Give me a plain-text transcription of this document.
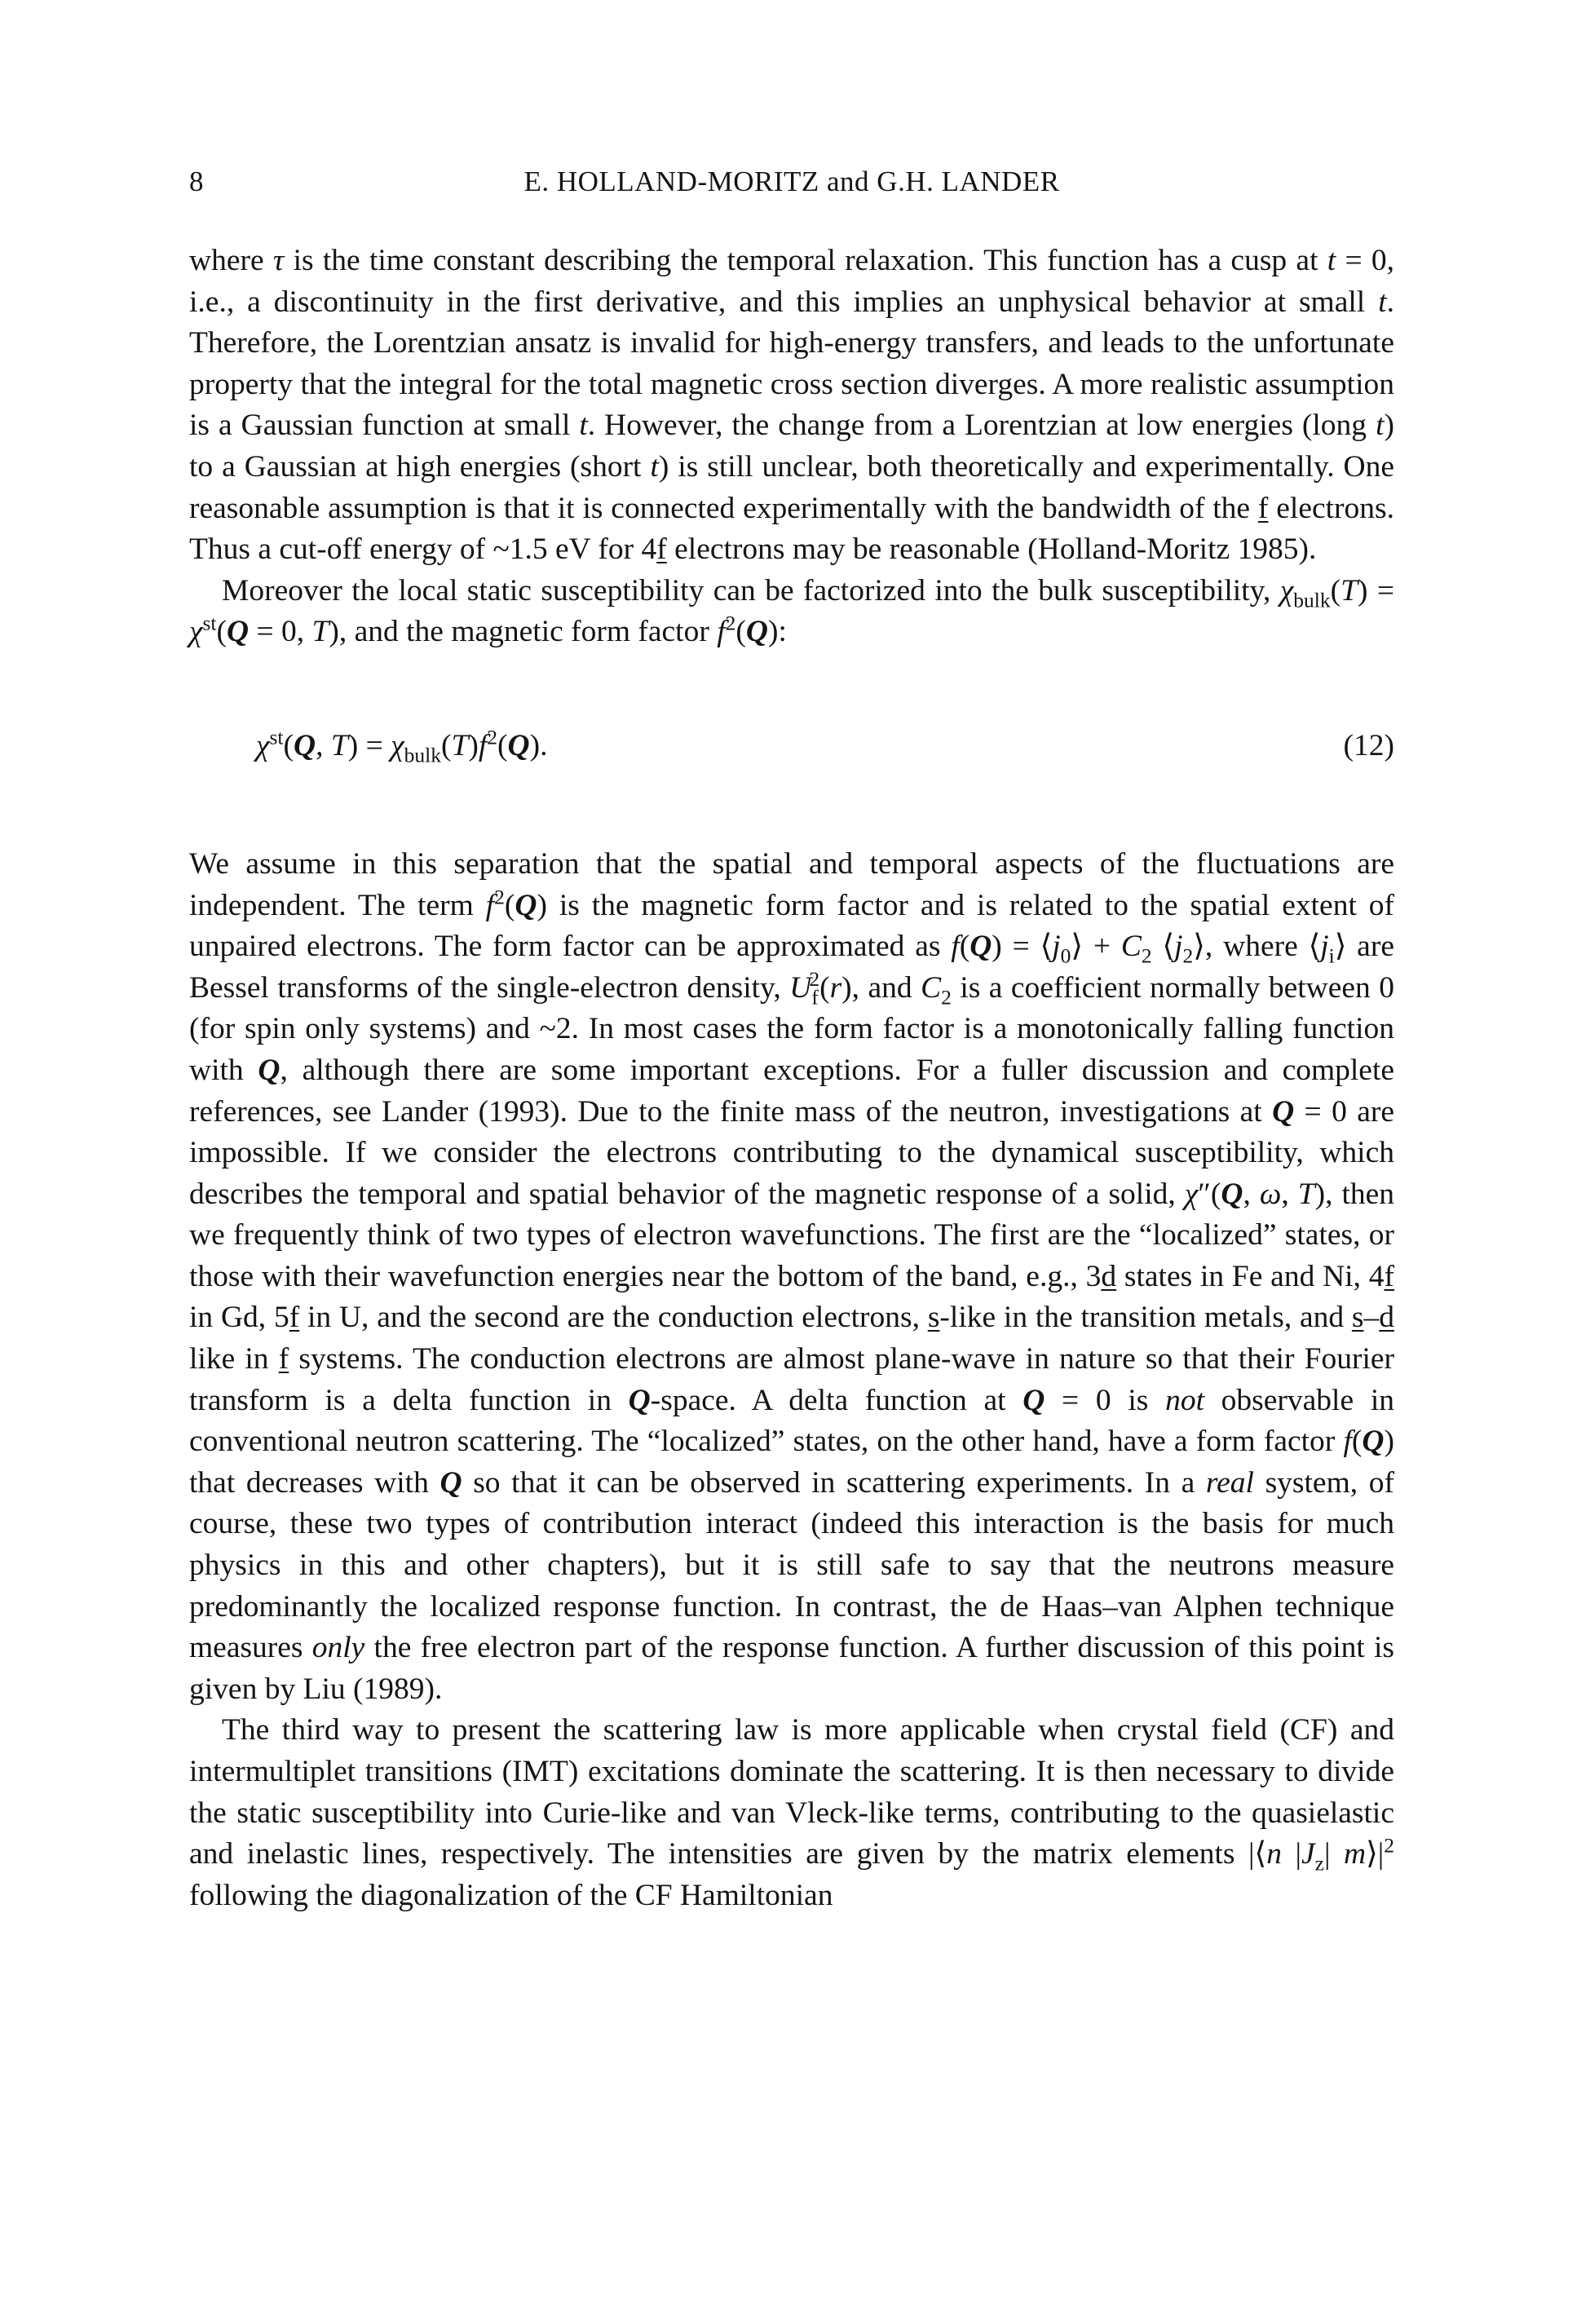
8	E. HOLLAND-MORITZ and G.H. LANDER

where τ is the time constant describing the temporal relaxation. This function has a cusp at t = 0, i.e., a discontinuity in the first derivative, and this implies an unphysical behavior at small t. Therefore, the Lorentzian ansatz is invalid for high-energy transfers, and leads to the unfortunate property that the integral for the total magnetic cross section diverges. A more realistic assumption is a Gaussian function at small t. However, the change from a Lorentzian at low energies (long t) to a Gaussian at high energies (short t) is still unclear, both theoretically and experimentally. One reasonable assumption is that it is connected experimentally with the bandwidth of the f electrons. Thus a cut-off energy of ~1.5 eV for 4f electrons may be reasonable (Holland-Moritz 1985).

Moreover the local static susceptibility can be factorized into the bulk susceptibility, $\chi_{bulk}(T) = \chi^{st}(Q = 0$, T), and the magnetic form factor $f^2(Q)$:

$\chi^{st}(Q$, $T) = \chi_{bulk}(T)f^2(Q)$.	(12)

We assume in this separation that the spatial and temporal aspects of the fluctuations are independent. The term $f^2(Q)$ is the magnetic form factor and is related to the spatial extent of unpaired electrons. The form factor can be approximated as $f(Q) = ⟨j_0⟩ + C_2$ $⟨j_2⟩$, where $⟨j_i⟩$ are Bessel transforms of the single-electron density, $U_f^2(r)$, and $C_2$ is a coefficient normally between 0 (for spin only systems) and ~2. In most cases the form factor is a monotonically falling function with Q, although there are some important exceptions. For a fuller discussion and complete references, see Lander (1993). Due to the finite mass of the neutron, investigations at Q = 0 are impossible. If we consider the electrons contributing to the dynamical susceptibility, which describes the temporal and spatial behavior of the magnetic response of a solid, χ″(Q, ω, T), then we frequently think of two types of electron wavefunctions. The first are the “localized” states, or those with their wavefunction energies near the bottom of the band, e.g., 3d states in Fe and Ni, 4f in Gd, 5f in U, and the second are the conduction electrons, s-like in the transition metals, and s–d like in f systems. The conduction electrons are almost plane-wave in nature so that their Fourier transform is a delta function in Q-space. A delta function at Q = 0 is not observable in conventional neutron scattering. The “localized” states, on the other hand, have a form factor f(Q) that decreases with Q so that it can be observed in scattering experiments. In a real system, of course, these two types of contribution interact (indeed this interaction is the basis for much physics in this and other chapters), but it is still safe to say that the neutrons measure predominantly the localized response function. In contrast, the de Haas–van Alphen technique measures only the free electron part of the response function. A further discussion of this point is given by Liu (1989).

The third way to present the scattering law is more applicable when crystal field (CF) and intermultiplet transitions (IMT) excitations dominate the scattering. It is then necessary to divide the static susceptibility into Curie-like and van Vleck-like terms, contributing to the quasielastic and inelastic lines, respectively. The intensities are given by the matrix elements |⟨n $|J_z|$ $m⟩|^2$ following the diagonalization of the CF Hamiltonian
